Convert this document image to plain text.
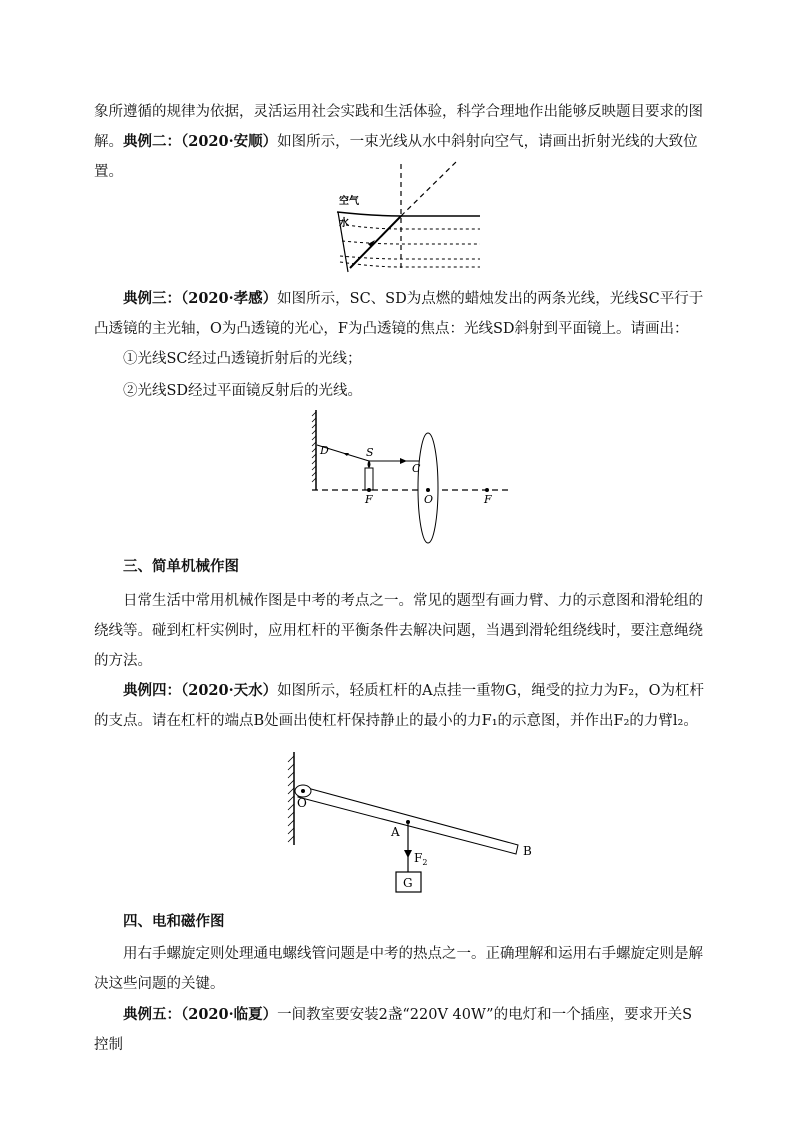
象所遵循的规律为依据，灵活运用社会实践和生活体验，科学合理地作出能够反映题目要求的图解。 典例二：（2020·安顺）如图所示，一束光线从水中斜射向空气，请画出折射光线的大致位置。

空气
水

典例三：（2020·孝感）如图所示，SC、SD为点燃的蜡烛发出的两条光线，光线SC平行于凸透镜的主光轴，O为凸透镜的光心，F为凸透镜的焦点：光线SD斜射到平面镜上。请画出：

①光线SC经过凸透镜折射后的光线；

②光线SD经过平面镜反射后的光线。

D	S
C
F	O	F

三、简单机械作图

日常生活中常用机械作图是中考的考点之一。常见的题型有画力臂、力的示意图和滑轮组的绕线等。碰到杠杆实例时，应用杠杆的平衡条件去解决问题，当遇到滑轮组绕线时，要注意绳绕的方法。

典例四：（2020·天水）如图所示，轻质杠杆的A点挂一重物G，绳受的拉力为F₂，O为杠杆的支点。请在杠杆的端点B处画出使杠杆保持静止的最小的力F₁的示意图，并作出F₂的力臂l₂。

O
A
B
$F_2$
G

四、电和磁作图

用右手螺旋定则处理通电螺线管问题是中考的热点之一。正确理解和运用右手螺旋定则是解决这些问题的关键。

典例五：（2020·临夏）一间教室要安装2盏“220V 40W”的电灯和一个插座，要求开关S控制
